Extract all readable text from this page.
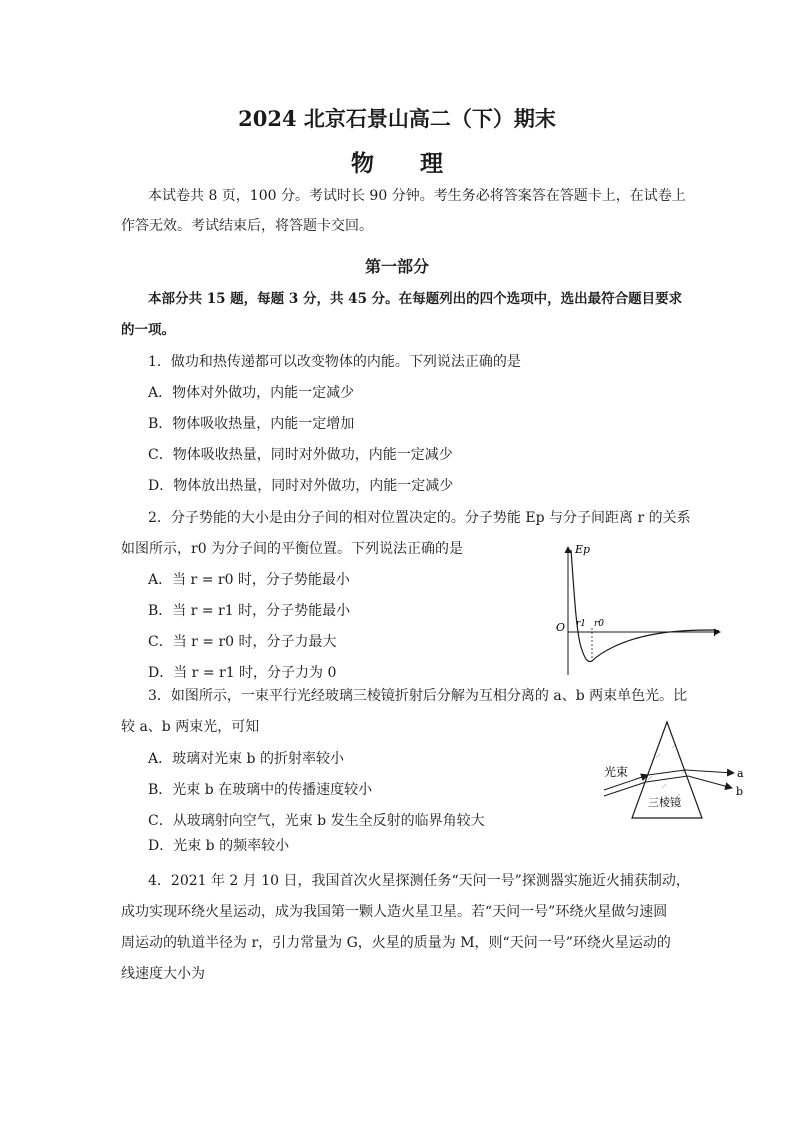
2024 北京石景山高二（下）期末
物理
本试卷共 8 页，100 分。考试时长 90 分钟。考生务必将答案答在答题卡上，在试卷上
作答无效。考试结束后，将答题卡交回。
第一部分
本部分共 15 题，每题 3 分，共 45 分。在每题列出的四个选项中，选出最符合题目要求
的一项。
1．做功和热传递都可以改变物体的内能。下列说法正确的是
A．物体对外做功，内能一定减少
B．物体吸收热量，内能一定增加
C．物体吸收热量，同时对外做功，内能一定减少
D．物体放出热量，同时对外做功，内能一定减少
2．分子势能的大小是由分子间的相对位置决定的。分子势能 Ep 与分子间距离 r 的关系
如图所示，r0 为分子间的平衡位置。下列说法正确的是
A．当 r = r0 时，分子势能最小
B．当 r = r1 时，分子势能最小
C．当 r = r0 时，分子力最大
D．当 r = r1 时，分子力为 0
Ep
r
O r1 r0
3．如图所示，一束平行光经玻璃三棱镜折射后分解为互相分离的 a、b 两束单色光。比
较 a、b 两束光，可知
A．玻璃对光束 b 的折射率较小
B．光束 b 在玻璃中的传播速度较小
C．从玻璃射向空气，光束 b 发生全反射的临界角较大
D．光束 b 的频率较小
光束
三棱镜
a
b
4．2021 年 2 月 10 日，我国首次火星探测任务“天问一号”探测器实施近火捕获制动，
成功实现环绕火星运动，成为我国第一颗人造火星卫星。若“天问一号”环绕火星做匀速圆
周运动的轨道半径为 r，引力常量为 G，火星的质量为 M，则“天问一号”环绕火星运动的
线速度大小为
